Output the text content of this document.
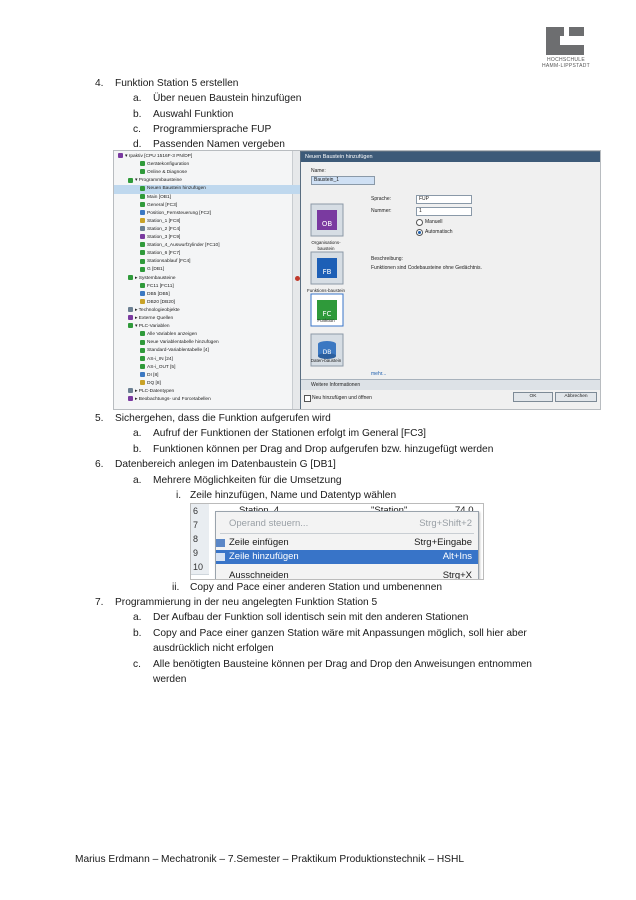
HOCHSCHULE
HAMM-LIPPSTADT
4. Funktion Station 5 erstellen
a. Über neuen Baustein hinzufügen
b. Auswahl Funktion
c. Programmiersprache FUP
d. Passenden Namen vergeben
▾ rpaktiv [CPU 1516F-3 PN/DP]
Gerätekonfiguration
Online & Diagnose
▾ Programmbausteine
Neuen Baustein hinzufügen
Main [OB1]
General [FC3]
Position_Fernsteuerung [FC2]
Station_1 [FC8]
Station_2 [FC4]
Station_3 [FC9]
Station_4_Auswurfzylinder [FC10]
Station_6 [FC7]
Stationsablauf [FC4]
G [DB1]
▸ Systembausteine
FC11 [FC11]
DB5 [DB5]
DB20 [DB20]
▸ Technologieobjekte
▸ Externe Quellen
▾ PLC-Variablen
Alle Variablen anzeigen
Neue Variablentabelle hinzufügen
Standard-Variablentabelle [4]
AS-i_IN [24]
AS-i_OUT [5]
DI [8]
DQ [8]
▸ PLC-Datentypen
▸ Beobachtungs- und Forcetabellen
Neuen Baustein hinzufügen
Name:
Baustein_1
OB
Organisations-baustein
FB
Funktions-baustein
FC
Funktion
DB
Daten-baustein
Sprache:	FUP
Nummer:	1
Manuell
Automatisch
Beschreibung:
Funktionen sind Codebausteine ohne Gedächtnis.
mehr...
Weitere Informationen
Neu hinzufügen und öffnen	OK	Abbrechen
5. Sichergehen, dass die Funktion aufgerufen wird
a. Aufruf der Funktionen der Stationen erfolgt im General [FC3]
b. Funktionen können per Drag and Drop aufgerufen bzw. hinzugefügt werden
6. Datenbereich anlegen im Datenbaustein G [DB1]
a. Mehrere Möglichkeiten für die Umsetzung
i. Zeile hinzufügen, Name und Datentyp wählen
6
7
8
9
10
Operand steuern...	Strg+Shift+2
Zeile einfügen	Strg+Eingabe
Zeile hinzufügen	Alt+Ins
Ausschneiden	Strg+X
ii. Copy and Pace einer anderen Station und umbenennen
7. Programmierung in der neu angelegten Funktion Station 5
a. Der Aufbau der Funktion soll identisch sein mit den anderen Stationen
b. Copy and Pace einer ganzen Station wäre mit Anpassungen möglich, soll hier aber ausdrücklich nicht erfolgen
c. Alle benötigten Bausteine können per Drag and Drop den Anweisungen entnommen werden
Marius Erdmann – Mechatronik – 7.Semester – Praktikum Produktionstechnik – HSHL
